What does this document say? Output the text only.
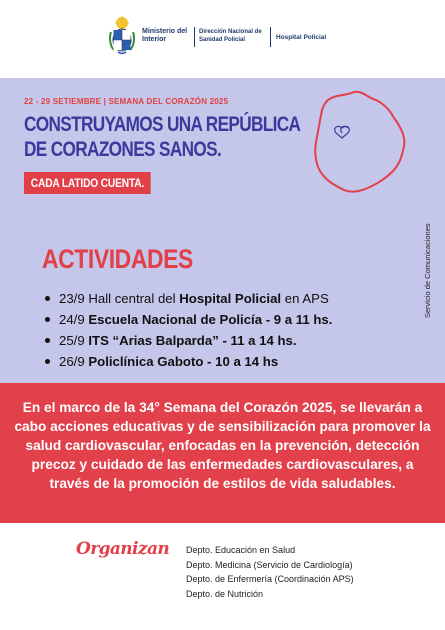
Ministerio del Interior
Dirección Nacional de Sanidad Policial	Hospital Policial
22 - 29 SETIEMBRE | SEMANA DEL CORAZÓN 2025
CONSTRUYAMOS UNA REPÚBLICA
DE CORAZONES SANOS.
CADA LATIDO CUENTA.
ACTIVIDADES
23/9 Hall central del Hospital Policial en APS
24/9 Escuela Nacional de Policía - 9 a 11 hs.
25/9 ITS “Arias Balparda” - 11 a 14 hs.
26/9 Policlínica Gaboto - 10 a 14 hs
Servicio de Comunicaciones
En el marco de la 34° Semana del Corazón 2025, se llevarán a cabo acciones educativas y de sensibilización para promover la salud cardiovascular, enfocadas en la prevención, detección precoz y cuidado de las enfermedades cardiovasculares, a través de la promoción de estilos de vida saludables.
Organizan Depto. Educación en Salud
Depto. Medicina (Servicio de Cardiología)
Depto. de Enfermería (Coordinación APS)
Depto. de Nutrición
